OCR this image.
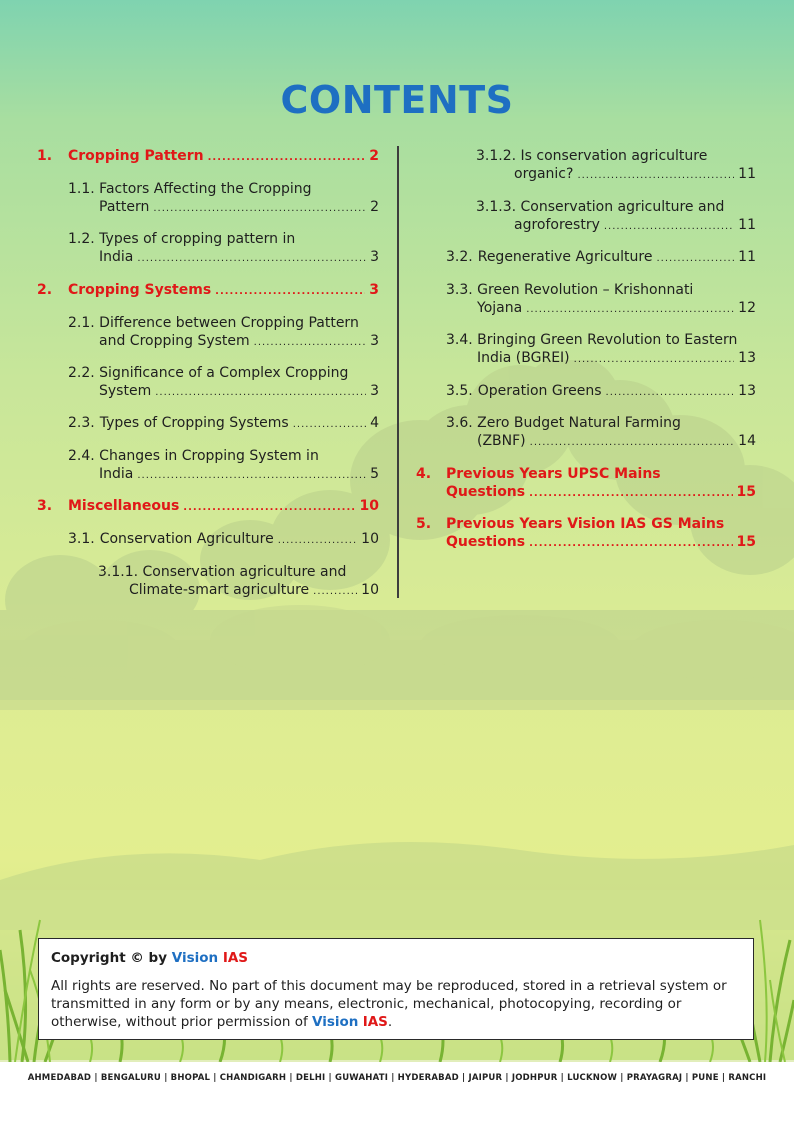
CONTENTS
1. Cropping Pattern .....	2
1.1. Factors Affecting the Cropping
Pattern .....	2
1.2. Types of cropping pattern in
India .....	3
2. Cropping Systems .....	3
2.1. Difference between Cropping Pattern
and Cropping System .....	3
2.2. Significance of a Complex Cropping
System .....	3
2.3. Types of Cropping Systems .....	4
2.4. Changes in Cropping System in
India .....	5
3. Miscellaneous .....	10
3.1. Conservation Agriculture .....	10
3.1.1. Conservation agriculture and
Climate-smart agriculture .....	10
3.1.2. Is conservation agriculture
organic? .....	11
3.1.3. Conservation agriculture and
agroforestry .....	11
3.2. Regenerative Agriculture .....	11
3.3. Green Revolution – Krishonnati
Yojana .....	12
3.4. Bringing Green Revolution to Eastern
India (BGREI) .....	13
3.5. Operation Greens .....	13
3.6. Zero Budget Natural Farming
(ZBNF) .....	14
4.	Previous Years UPSC Mains
Questions .....	15
5.	Previous Years Vision IAS GS Mains
Questions .....	15
Copyright © by Vision IAS
All rights are reserved. No part of this document may be reproduced, stored in a retrieval system or transmitted in any form or by any means, electronic, mechanical, photocopying, recording or otherwise, without prior permission of Vision IAS.
AHMEDABAD | BENGALURU | BHOPAL | CHANDIGARH | DELHI | GUWAHATI | HYDERABAD | JAIPUR | JODHPUR | LUCKNOW | PRAYAGRAJ | PUNE | RANCHI
